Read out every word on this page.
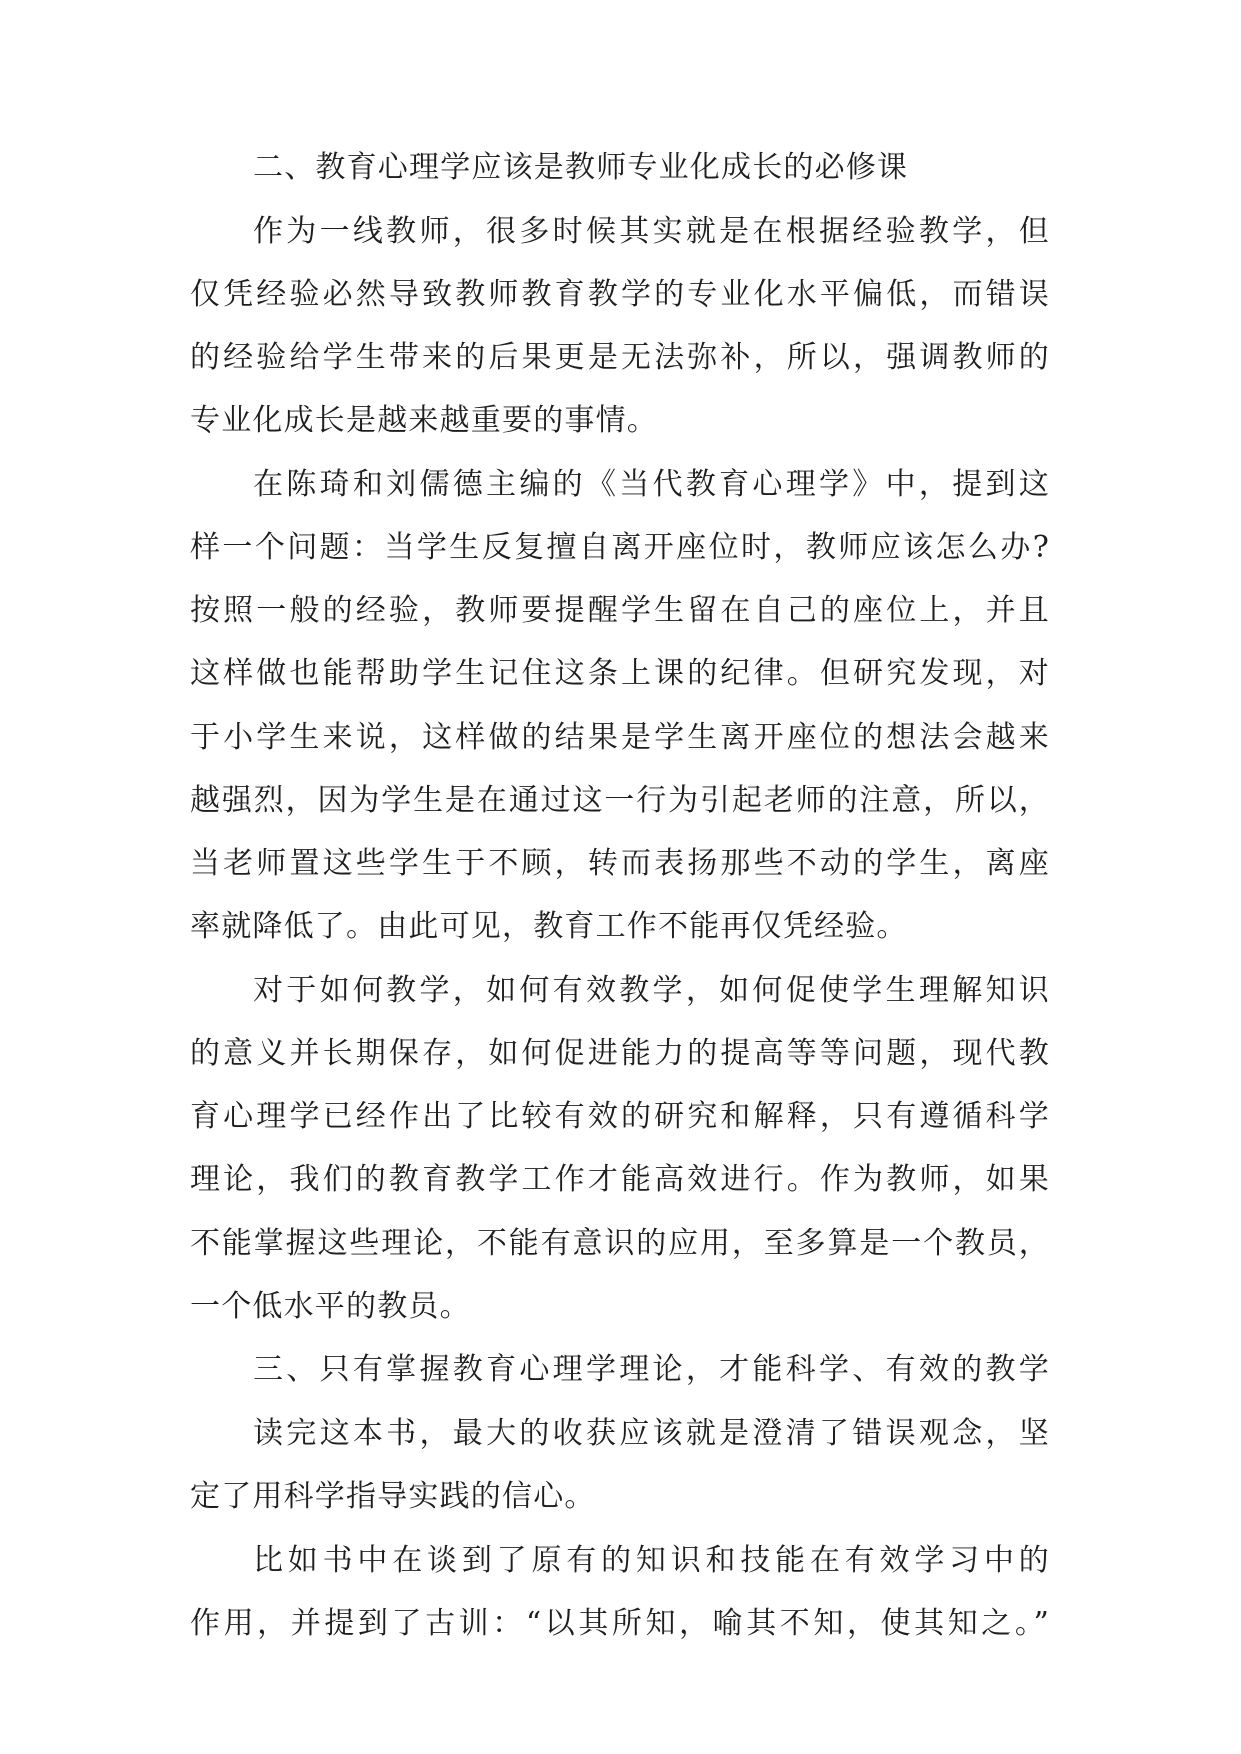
二、教育心理学应该是教师专业化成长的必修课
作为一线教师，很多时候其实就是在根据经验教学，但
仅凭经验必然导致教师教育教学的专业化水平偏低，而错误
的经验给学生带来的后果更是无法弥补，所以，强调教师的
专业化成长是越来越重要的事情。
在陈琦和刘儒德主编的《当代教育心理学》中，提到这
样一个问题：当学生反复擅自离开座位时，教师应该怎么办?
按照一般的经验，教师要提醒学生留在自己的座位上，并且
这样做也能帮助学生记住这条上课的纪律。但研究发现，对
于小学生来说，这样做的结果是学生离开座位的想法会越来
越强烈，因为学生是在通过这一行为引起老师的注意，所以，
当老师置这些学生于不顾，转而表扬那些不动的学生，离座
率就降低了。由此可见，教育工作不能再仅凭经验。
对于如何教学，如何有效教学，如何促使学生理解知识
的意义并长期保存，如何促进能力的提高等等问题，现代教
育心理学已经作出了比较有效的研究和解释，只有遵循科学
理论，我们的教育教学工作才能高效进行。作为教师，如果
不能掌握这些理论，不能有意识的应用，至多算是一个教员，
一个低水平的教员。
三、只有掌握教育心理学理论，才能科学、有效的教学
读完这本书，最大的收获应该就是澄清了错误观念，坚
定了用科学指导实践的信心。
比如书中在谈到了原有的知识和技能在有效学习中的
作用，并提到了古训：“以其所知，喻其不知，使其知之。”
